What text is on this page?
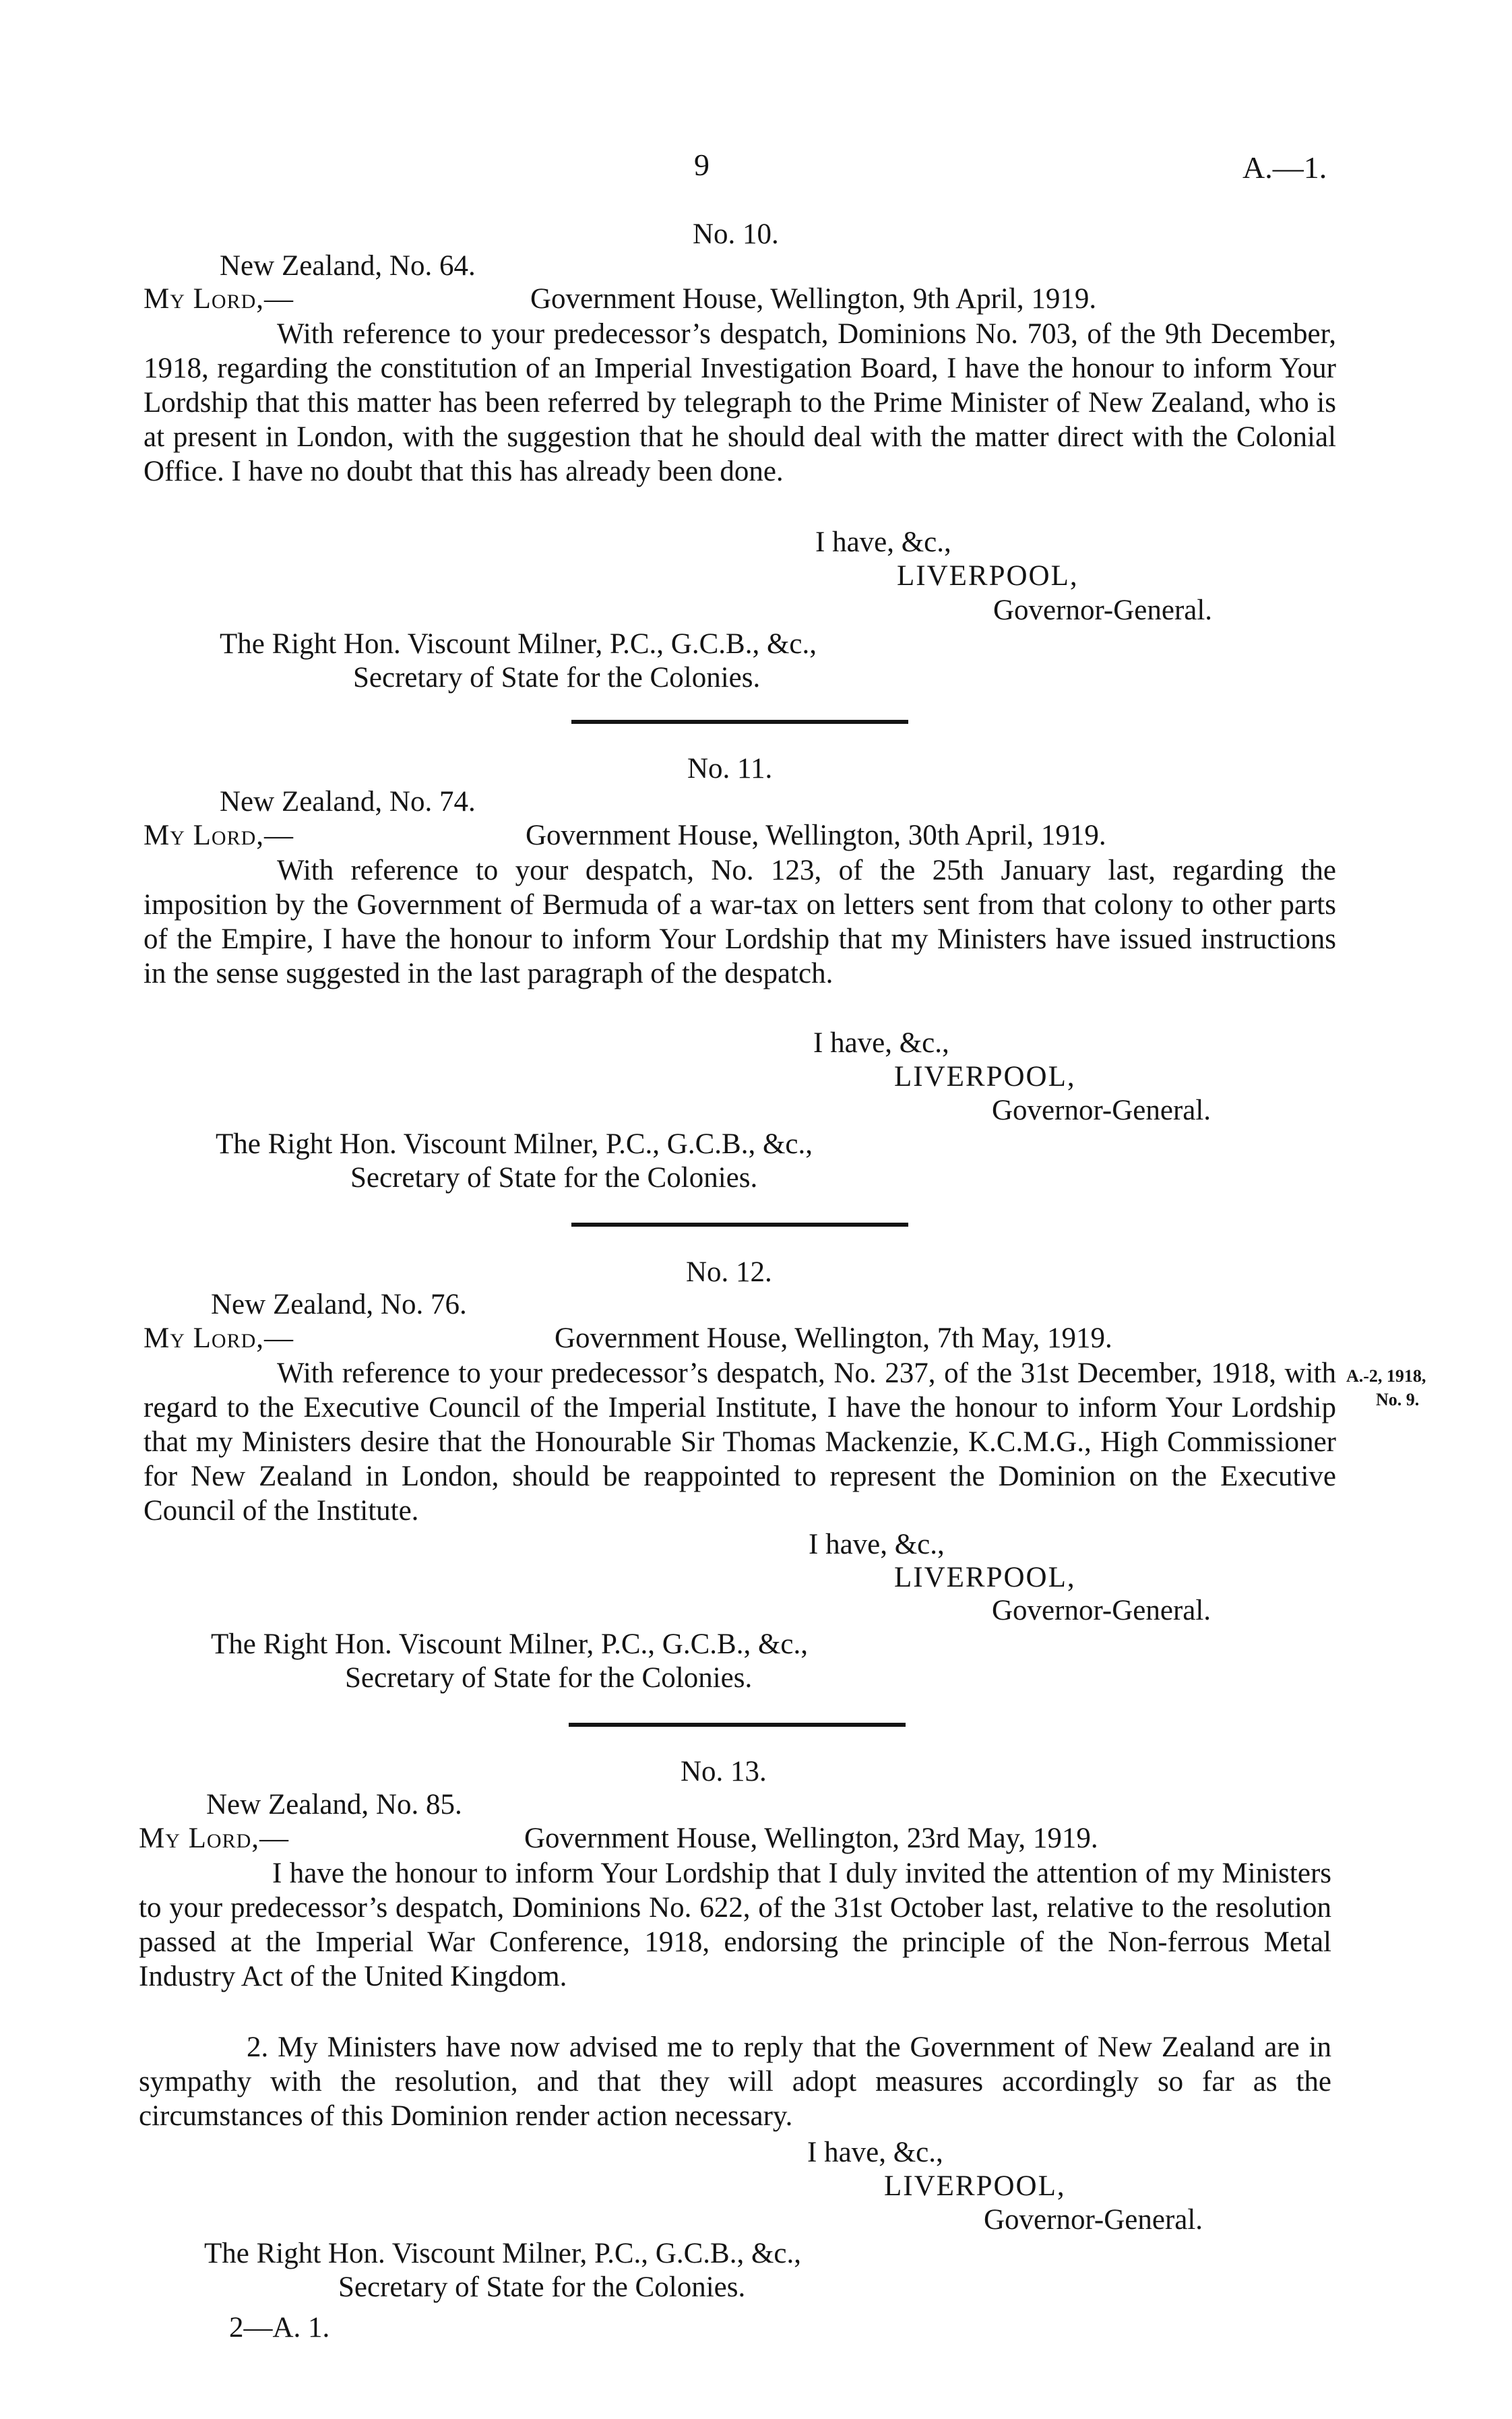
9	A.—1.
No. 10.
New Zealand, No. 64.
My Lord,—	Government House, Wellington, 9th April, 1919.
With reference to your predecessor’s despatch, Dominions No. 703, of the 9th December, 1918, regarding the constitution of an Imperial Investigation Board, I have the honour to inform Your Lordship that this matter has been referred by telegraph to the Prime Minister of New Zealand, who is at present in London, with the suggestion that he should deal with the matter direct with the Colonial Office. I have no doubt that this has already been done.
I have, &c.,
LIVERPOOL,
Governor-General.
The Right Hon. Viscount Milner, P.C., G.C.B., &c.,
Secretary of State for the Colonies.
No. 11.
New Zealand, No. 74.
My Lord,—	Government House, Wellington, 30th April, 1919.
With reference to your despatch, No. 123, of the 25th January last, regarding the imposition by the Government of Bermuda of a war-tax on letters sent from that colony to other parts of the Empire, I have the honour to inform Your Lordship that my Ministers have issued instructions in the sense suggested in the last paragraph of the despatch.
I have, &c.,
LIVERPOOL,
Governor-General.
The Right Hon. Viscount Milner, P.C., G.C.B., &c.,
Secretary of State for the Colonies.
No. 12.
New Zealand, No. 76.
My Lord,—	Government House, Wellington, 7th May, 1919.
With reference to your predecessor’s despatch, No. 237, of the 31st December, 1918, with regard to the Executive Council of the Imperial Institute, I have the honour to inform Your Lordship that my Ministers desire that the Honourable Sir Thomas Mackenzie, K.C.M.G., High Commissioner for New Zealand in London, should be reappointed to represent the Dominion on the Executive Council of the Institute.
A.-2, 1918,
No. 9.
I have, &c.,
LIVERPOOL,
Governor-General.
The Right Hon. Viscount Milner, P.C., G.C.B., &c.,
Secretary of State for the Colonies.
No. 13.
New Zealand, No. 85.
My Lord,—	Government House, Wellington, 23rd May, 1919.
I have the honour to inform Your Lordship that I duly invited the attention of my Ministers to your predecessor’s despatch, Dominions No. 622, of the 31st October last, relative to the resolution passed at the Imperial War Conference, 1918, endorsing the principle of the Non-ferrous Metal Industry Act of the United Kingdom.
2. My Ministers have now advised me to reply that the Government of New Zealand are in sympathy with the resolution, and that they will adopt measures accordingly so far as the circumstances of this Dominion render action necessary.
I have, &c.,
LIVERPOOL,
Governor-General.
The Right Hon. Viscount Milner, P.C., G.C.B., &c.,
Secretary of State for the Colonies.
2—A. 1.
